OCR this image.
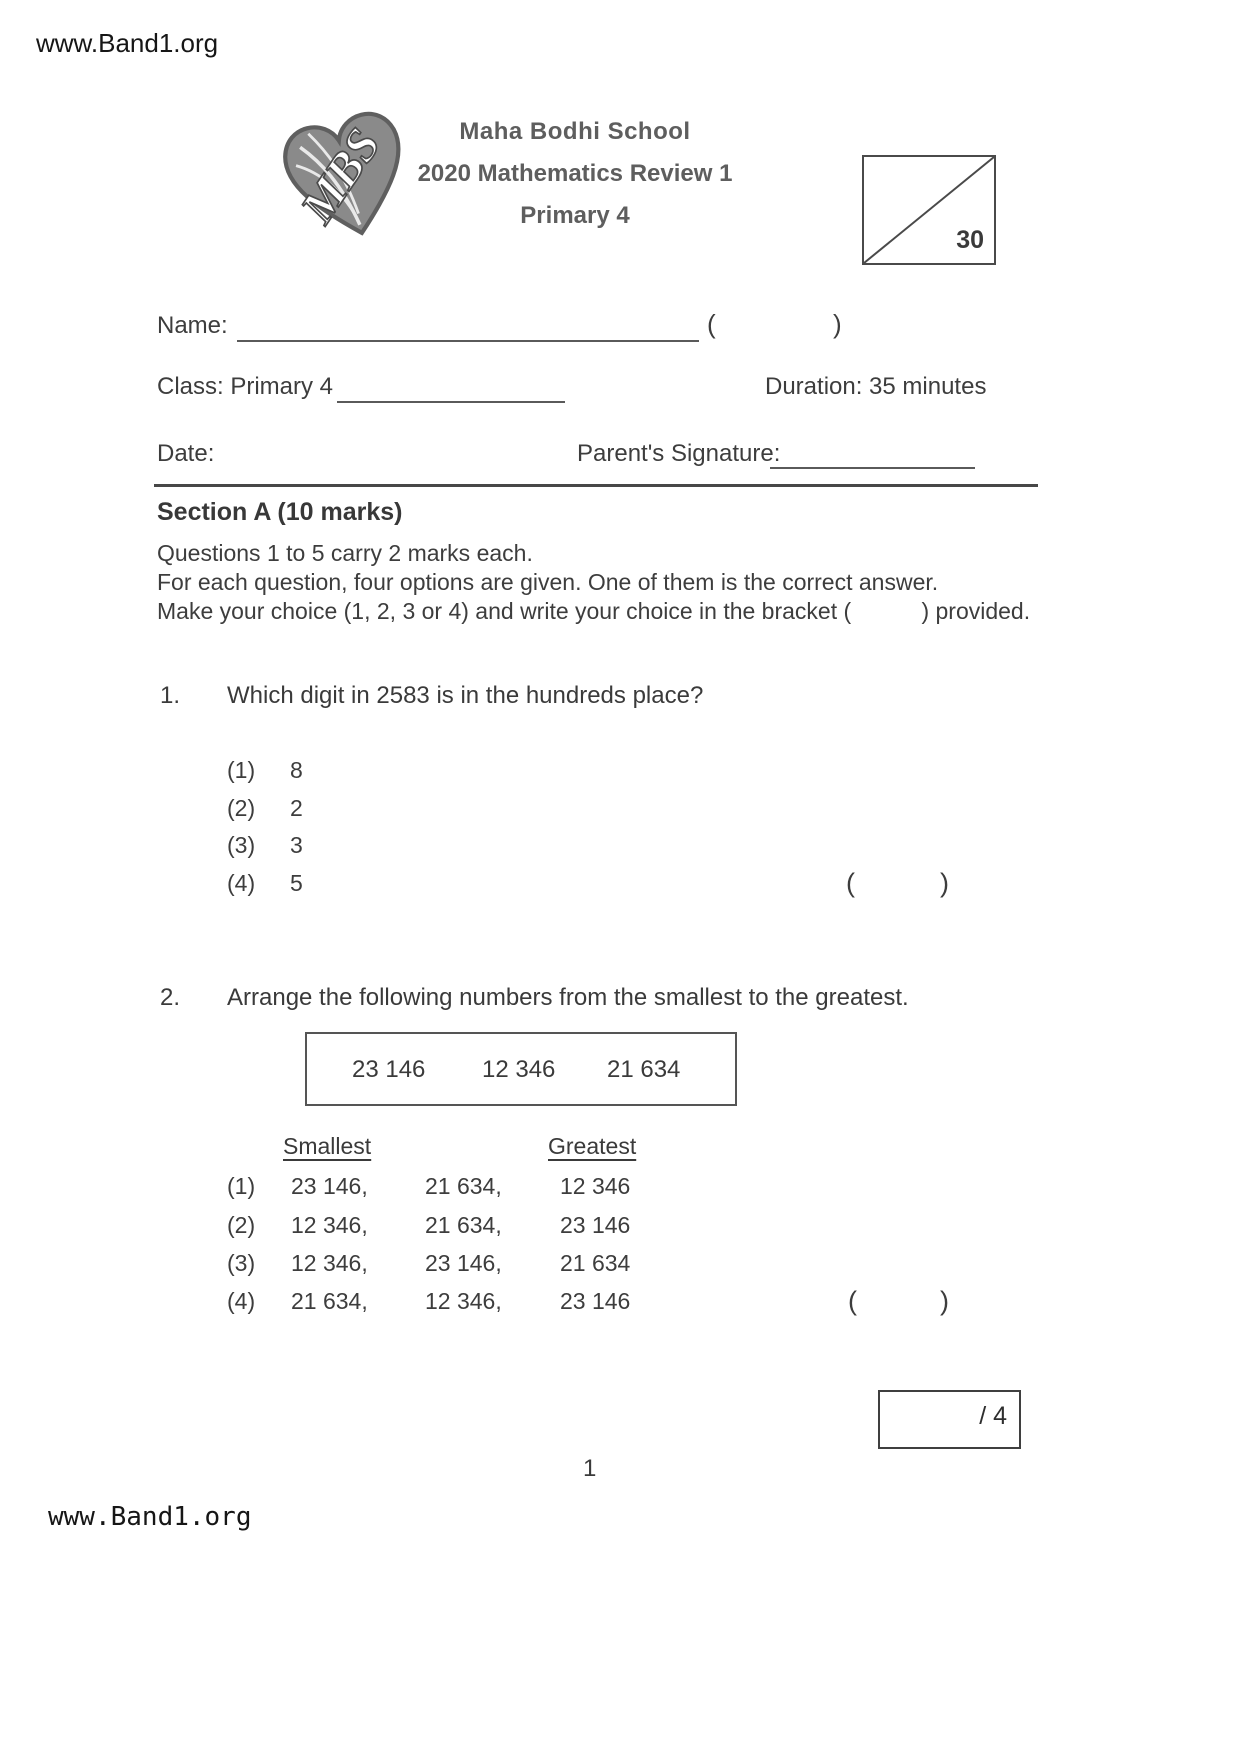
www.Band1.org
www.Band1.org
MBS	Maha Bodhi School
2020 Mathematics Review 1
Primary 4
30
Name:	(	)
Class: Primary 4	Duration: 35 minutes
Date:	Parent's Signature:
Section A (10 marks)
Questions 1 to 5 carry 2 marks each.
For each question, four options are given. One of them is the correct answer.
Make your choice (1, 2, 3 or 4) and write your choice in the bracket (           ) provided.
1. Which digit in 2583 is in the hundreds place?
(1) 8
(2) 2
(3) 3
(4) 5	(	)
2. Arrange the following numbers from the smallest to the greatest.
23 146 12 346 21 634
Smallest	Greatest
(1) 23 146, 21 634,	12 346
(2) 12 346, 21 634,	23 146
(3) 12 346, 23 146,	21 634
(4) 21 634, 12 346,	23 146	(	)
/ 4
1
